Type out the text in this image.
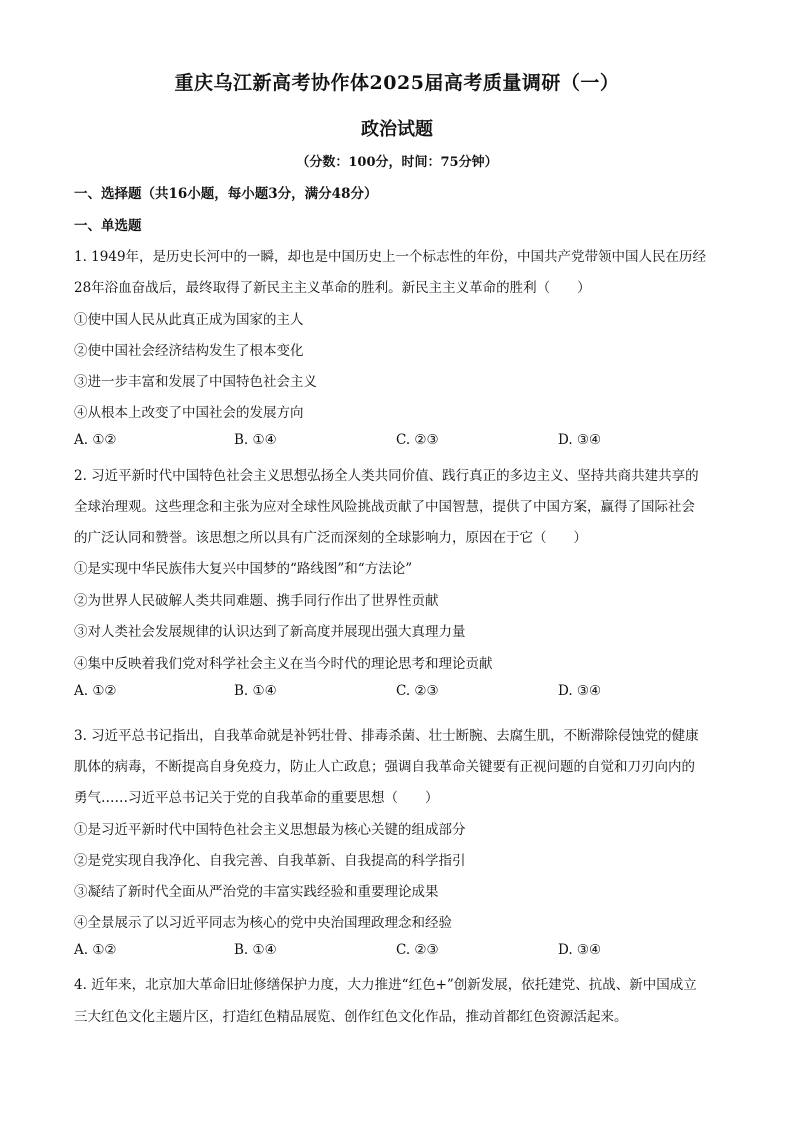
重庆乌江新高考协作体2025届高考质量调研（一）
政治试题
（分数：100分，时间：75分钟）
一、选择题（共16小题，每小题3分，满分48分）
一、单选题
1. 1949年，是历史长河中的一瞬，却也是中国历史上一个标志性的年份，中国共产党带领中国人民在历经
28年浴血奋战后，最终取得了新民主主义革命的胜利。新民主主义革命的胜利（　　）
①使中国人民从此真正成为国家的主人
②使中国社会经济结构发生了根本变化
③进一步丰富和发展了中国特色社会主义
④从根本上改变了中国社会的发展方向
A. ①②	B. ①④	C. ②③	D. ③④
2. 习近平新时代中国特色社会主义思想弘扬全人类共同价值、践行真正的多边主义、坚持共商共建共享的
全球治理观。这些理念和主张为应对全球性风险挑战贡献了中国智慧，提供了中国方案，赢得了国际社会
的广泛认同和赞誉。该思想之所以具有广泛而深刻的全球影响力，原因在于它（　　）
①是实现中华民族伟大复兴中国梦的“路线图”和“方法论”
②为世界人民破解人类共同难题、携手同行作出了世界性贡献
③对人类社会发展规律的认识达到了新高度并展现出强大真理力量
④集中反映着我们党对科学社会主义在当今时代的理论思考和理论贡献
A. ①②	B. ①④	C. ②③	D. ③④
3. 习近平总书记指出，自我革命就是补钙壮骨、排毒杀菌、壮士断腕、去腐生肌，不断滞除侵蚀党的健康
肌体的病毒，不断提高自身免疫力，防止人亡政息；强调自我革命关键要有正视问题的自觉和刀刃向内的
勇气……习近平总书记关于党的自我革命的重要思想（　　）
①是习近平新时代中国特色社会主义思想最为核心关键的组成部分
②是党实现自我净化、自我完善、自我革新、自我提高的科学指引
③凝结了新时代全面从严治党的丰富实践经验和重要理论成果
④全景展示了以习近平同志为核心的党中央治国理政理念和经验
A. ①②	B. ①④	C. ②③	D. ③④
4. 近年来，北京加大革命旧址修缮保护力度，大力推进“红色+”创新发展，依托建党、抗战、新中国成立
三大红色文化主题片区，打造红色精品展览、创作红色文化作品，推动首都红色资源活起来。
